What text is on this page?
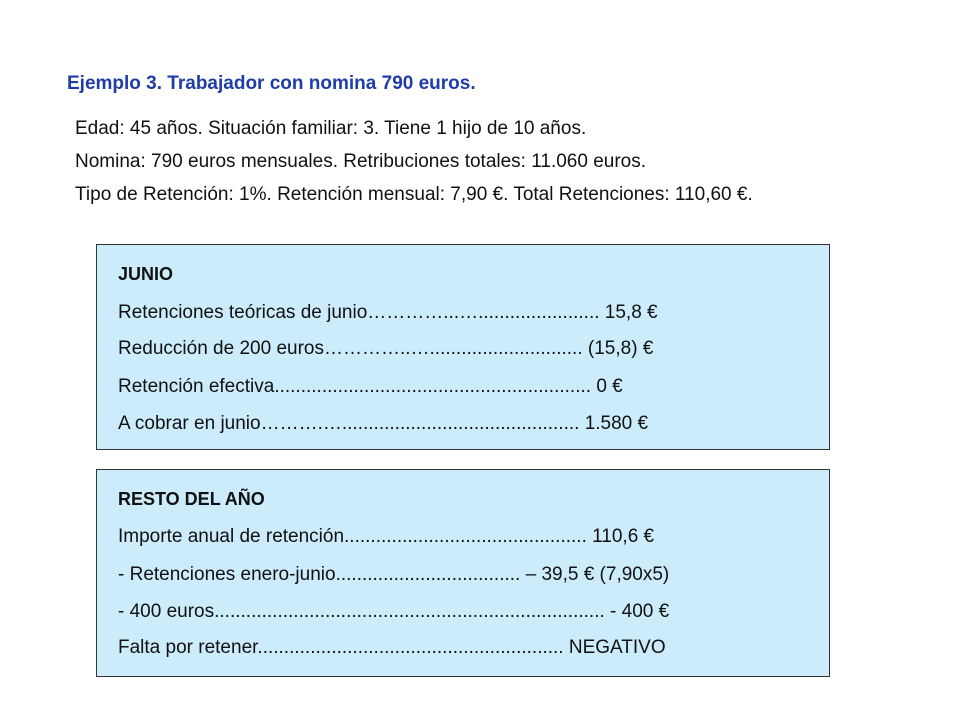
Ejemplo 3. Trabajador con nomina 790 euros.

Edad: 45 años. Situación familiar: 3. Tiene 1 hijo de 10 años.

Nomina: 790 euros mensuales. Retribuciones totales: 11.060 euros.

Tipo de Retención: 1%. Retención mensual: 7,90 €. Total Retenciones: 110,60 €.

JUNIO

Retenciones teóricas de junio…………...…....................... 15,8 €

Reducción de 200 euros…………..…............................. (15,8) €

Retención efectiva............................................................ 0 €

A cobrar en junio……….…............................................. 1.580 €

RESTO DEL AÑO

Importe anual de retención.............................................. 110,6 €

- Retenciones enero-junio................................... – 39,5 € (7,90x5)

- 400 euros.......................................................................... - 400 €

Falta por retener.......................................................... NEGATIVO
